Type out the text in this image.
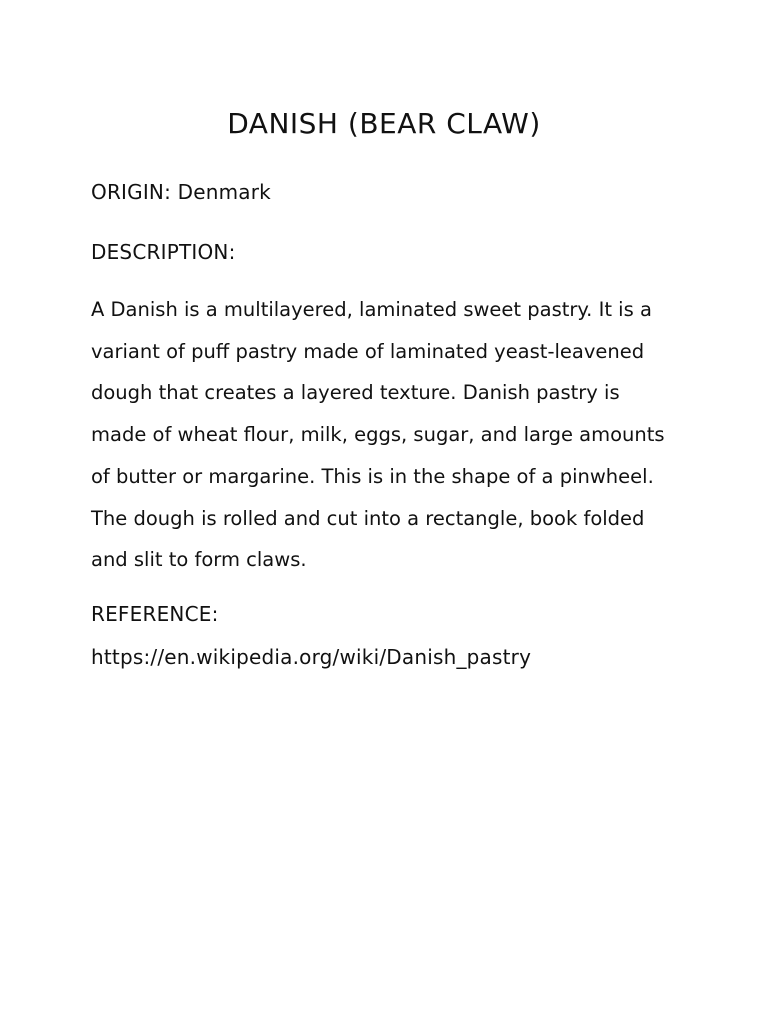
DANISH (BEAR CLAW)

ORIGIN: Denmark

DESCRIPTION:

A Danish is a multilayered, laminated sweet pastry. It is a variant of puff pastry made of laminated yeast-leavened dough that creates a layered texture. Danish pastry is made of wheat flour, milk, eggs, sugar, and large amounts of butter or margarine. This is in the shape of a pinwheel. The dough is rolled and cut into a rectangle, book folded and slit to form claws.

REFERENCE:

https://en.wikipedia.org/wiki/Danish_pastry
